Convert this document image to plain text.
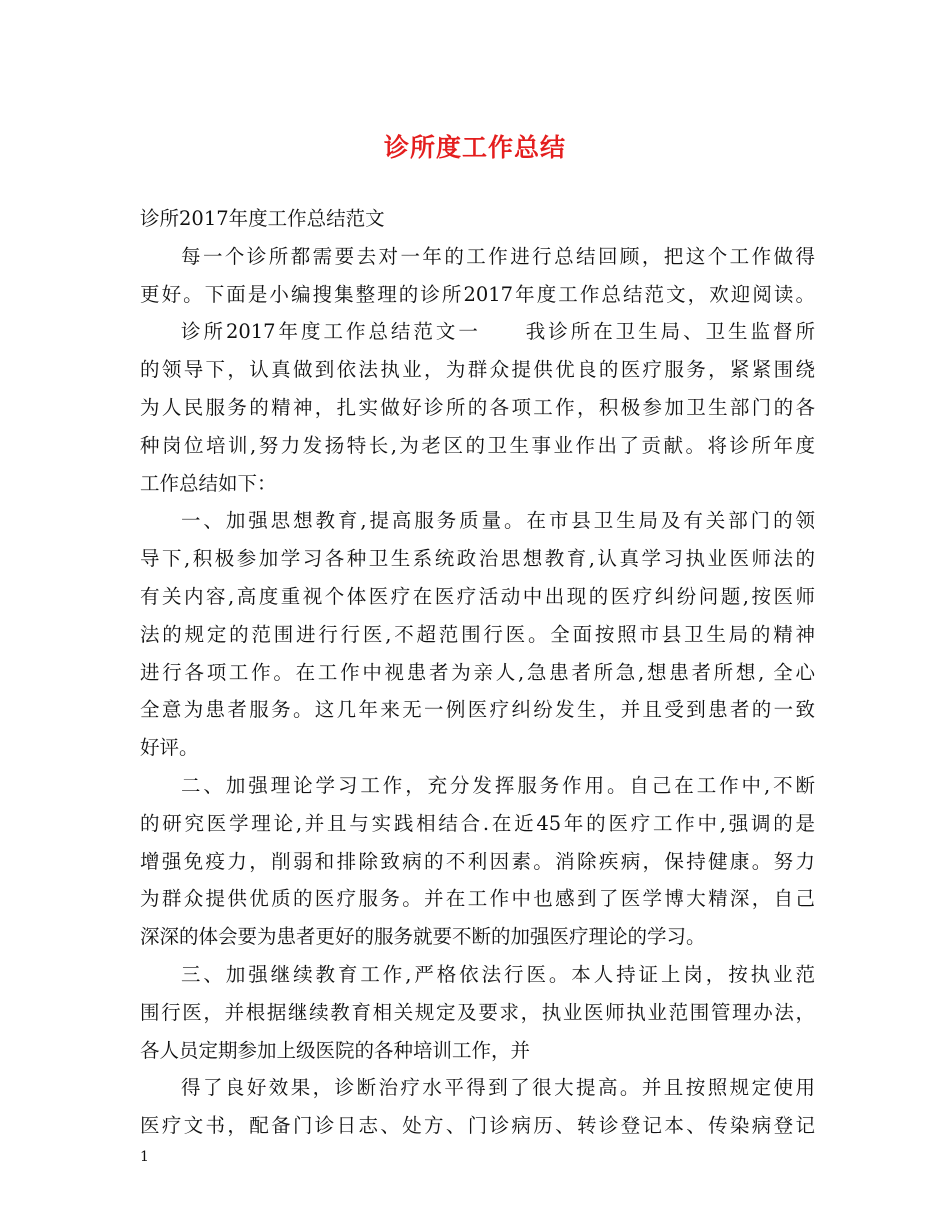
诊所度工作总结
诊所2017年度工作总结范文
每一个诊所都需要去对一年的工作进行总结回顾，把这个工作做得
更好。下面是小编搜集整理的诊所2017年度工作总结范文，欢迎阅读。
诊所2017年度工作总结范文一　　我诊所在卫生局、卫生监督所
的领导下，认真做到依法执业，为群众提供优良的医疗服务，紧紧围绕
为人民服务的精神，扎实做好诊所的各项工作，积极参加卫生部门的各
种岗位培训,努力发扬特长,为老区的卫生事业作出了贡献。将诊所年度
工作总结如下：
一、加强思想教育,提高服务质量。在市县卫生局及有关部门的领
导下,积极参加学习各种卫生系统政治思想教育,认真学习执业医师法的
有关内容,高度重视个体医疗在医疗活动中出现的医疗纠纷问题,按医师
法的规定的范围进行行医,不超范围行医。全面按照市县卫生局的精神
进行各项工作。在工作中视患者为亲人,急患者所急,想患者所想, 全心
全意为患者服务。这几年来无一例医疗纠纷发生，并且受到患者的一致
好评。
二、加强理论学习工作，充分发挥服务作用。自己在工作中,不断
的研究医学理论,并且与实践相结合.在近45年的医疗工作中,强调的是
增强免疫力，削弱和排除致病的不利因素。消除疾病，保持健康。努力
为群众提供优质的医疗服务。并在工作中也感到了医学博大精深，自己
深深的体会要为患者更好的服务就要不断的加强医疗理论的学习。
三、加强继续教育工作,严格依法行医。本人持证上岗，按执业范
围行医，并根据继续教育相关规定及要求，执业医师执业范围管理办法，
各人员定期参加上级医院的各种培训工作，并
得了良好效果，诊断治疗水平得到了很大提高。并且按照规定使用
医疗文书，配备门诊日志、处方、门诊病历、转诊登记本、传染病登记
1
